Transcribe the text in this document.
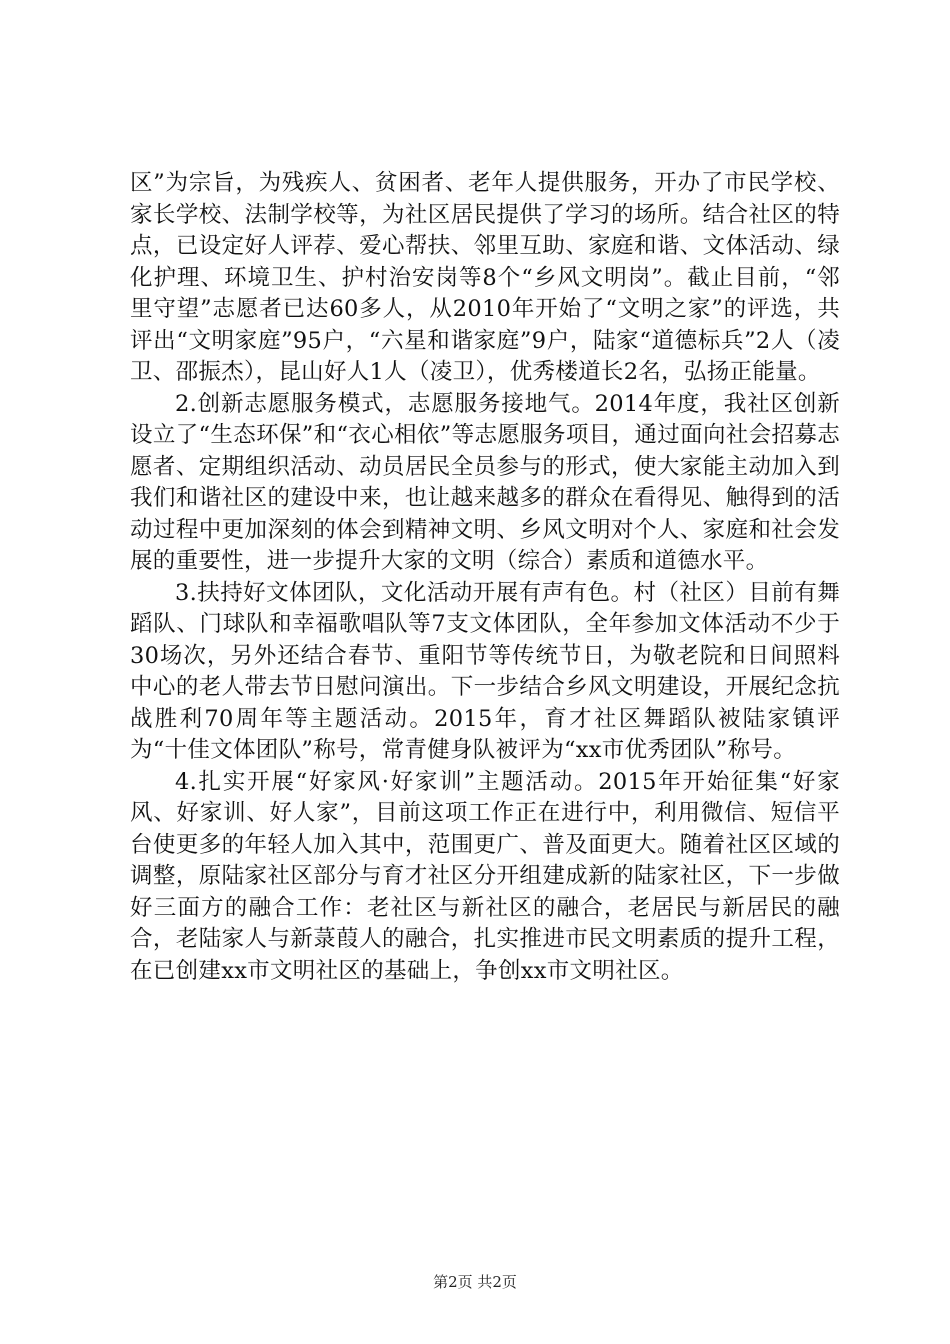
区”为宗旨，为残疾人、贫困者、老年人提供服务，开办了市民学校、家长学校、法制学校等，为社区居民提供了学习的场所。结合社区的特点，已设定好人评荐、爱心帮扶、邻里互助、家庭和谐、文体活动、绿化护理、环境卫生、护村治安岗等8个“乡风文明岗”。截止目前，“邻里守望”志愿者已达60多人，从2010年开始了“文明之家”的评选，共评出“文明家庭”95户，“六星和谐家庭”9户，陆家“道德标兵”2人（凌卫、邵振杰），昆山好人1人（凌卫），优秀楼道长2名，弘扬正能量。

2.创新志愿服务模式，志愿服务接地气。2014年度，我社区创新设立了“生态环保”和“衣心相依”等志愿服务项目，通过面向社会招募志愿者、定期组织活动、动员居民全员参与的形式，使大家能主动加入到我们和谐社区的建设中来，也让越来越多的群众在看得见、触得到的活动过程中更加深刻的体会到精神文明、乡风文明对个人、家庭和社会发展的重要性，进一步提升大家的文明（综合）素质和道德水平。

3.扶持好文体团队，文化活动开展有声有色。村（社区）目前有舞蹈队、门球队和幸福歌唱队等7支文体团队，全年参加文体活动不少于30场次，另外还结合春节、重阳节等传统节日，为敬老院和日间照料中心的老人带去节日慰问演出。下一步结合乡风文明建设，开展纪念抗战胜利70周年等主题活动。2015年，育才社区舞蹈队被陆家镇评为“十佳文体团队”称号，常青健身队被评为“xx市优秀团队”称号。

4.扎实开展“好家风·好家训”主题活动。2015年开始征集“好家风、好家训、好人家”，目前这项工作正在进行中，利用微信、短信平台使更多的年轻人加入其中，范围更广、普及面更大。随着社区区域的调整，原陆家社区部分与育才社区分开组建成新的陆家社区，下一步做好三面方的融合工作：老社区与新社区的融合，老居民与新居民的融合，老陆家人与新菉葭人的融合，扎实推进市民文明素质的提升工程，在已创建xx市文明社区的基础上，争创xx市文明社区。

第2页 共2页
